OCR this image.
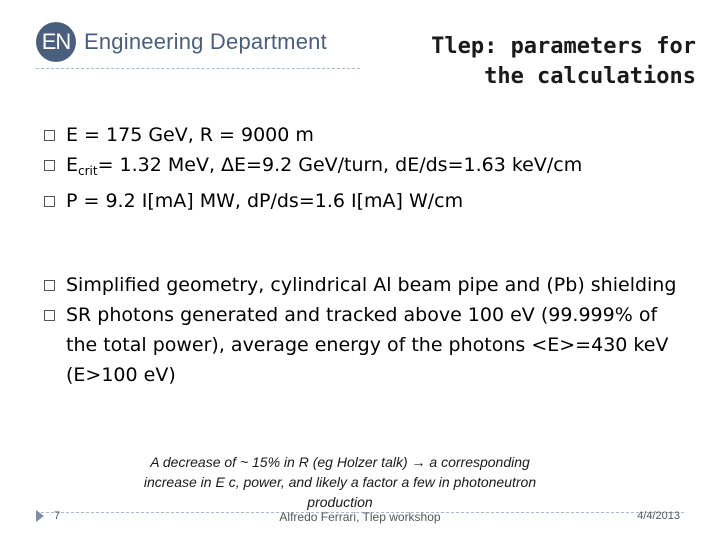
EN Engineering Department	Tlep: parameters for
the calculations
E = 175 GeV, R = 9000 m
$E_{crit}= 1.32$ MeV, ΔE=9.2 GeV/turn, dE/ds=1.63 keV/cm
P = 9.2 I[mA] MW, dP/ds=1.6 I[mA] W/cm
Simplified geometry, cylindrical Al beam pipe and (Pb) shielding
SR photons generated and tracked above 100 eV (99.999% of the total power), average energy of the photons <E>=430 keV (E>100 eV)
A decrease of ~ 15% in R (eg Holzer talk) → a corresponding
increase in E c, power, and likely a factor a few in photoneutron
production
7	Alfredo Ferrari, Tlep workshop	4/4/2013
